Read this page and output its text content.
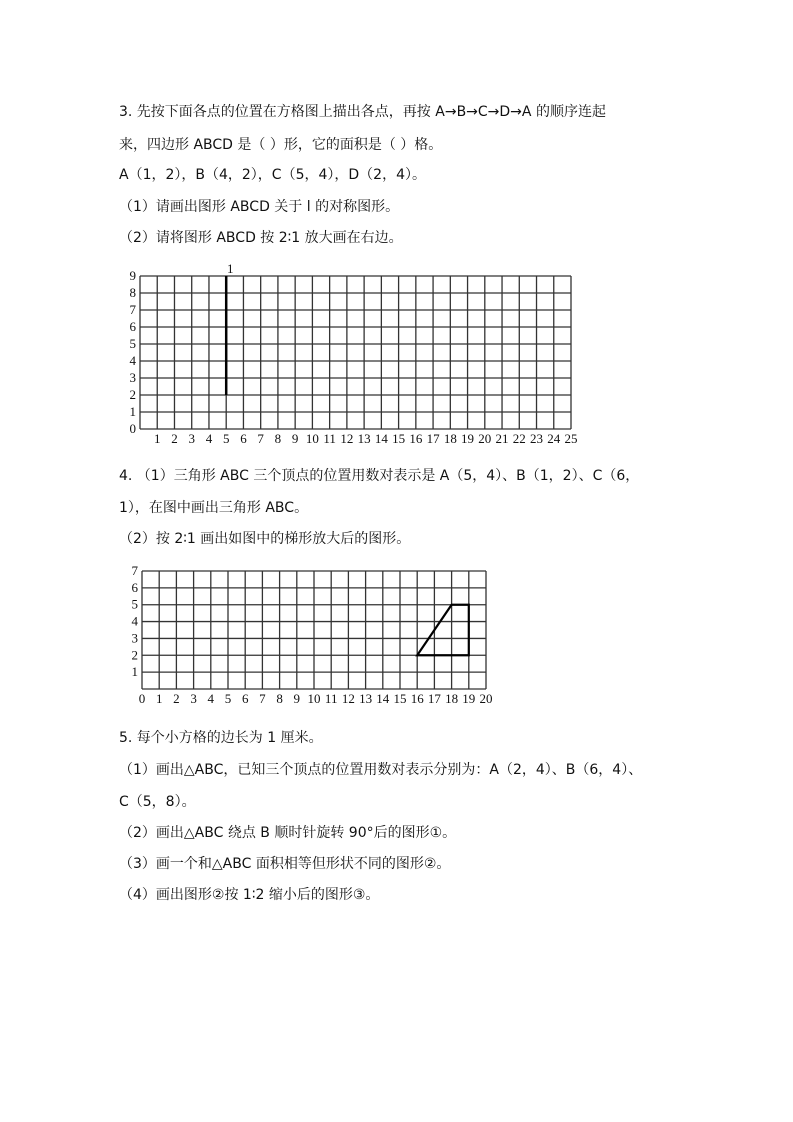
3. 先按下面各点的位置在方格图上描出各点，再按 A→B→C→D→A 的顺序连起
来，四边形 ABCD 是（ ）形，它的面积是（ ）格。
A（1，2），B（4，2），C（5，4），D（2，4）。
（1）请画出图形 ABCD 关于 l 的对称图形。
（2）请将图形 ABCD 按 2∶1 放大画在右边。
1 2 3 4 5 6 7 8 9 10 11 12 13 14 15 16 17 18 19 20 21 22 23 24 25
0
1
2
3
4
5
6
7
8
9	1
0 1 2 3 4 5 6 7 8 9 10 11 12 13 14 15 16 17 18 19 20
1
2
3
4
5
6
7
4. （1）三角形 ABC 三个顶点的位置用数对表示是 A（5，4）、B（1，2）、C（6，
1），在图中画出三角形 ABC。
（2）按 2∶1 画出如图中的梯形放大后的图形。
5. 每个小方格的边长为 1 厘米。
（1）画出△ABC，已知三个顶点的位置用数对表示分别为：A（2，4）、B（6，4）、
C（5，8）。
（2）画出△ABC 绕点 B 顺时针旋转 90°后的图形①。
（3）画一个和△ABC 面积相等但形状不同的图形②。
（4）画出图形②按 1∶2 缩小后的图形③。
